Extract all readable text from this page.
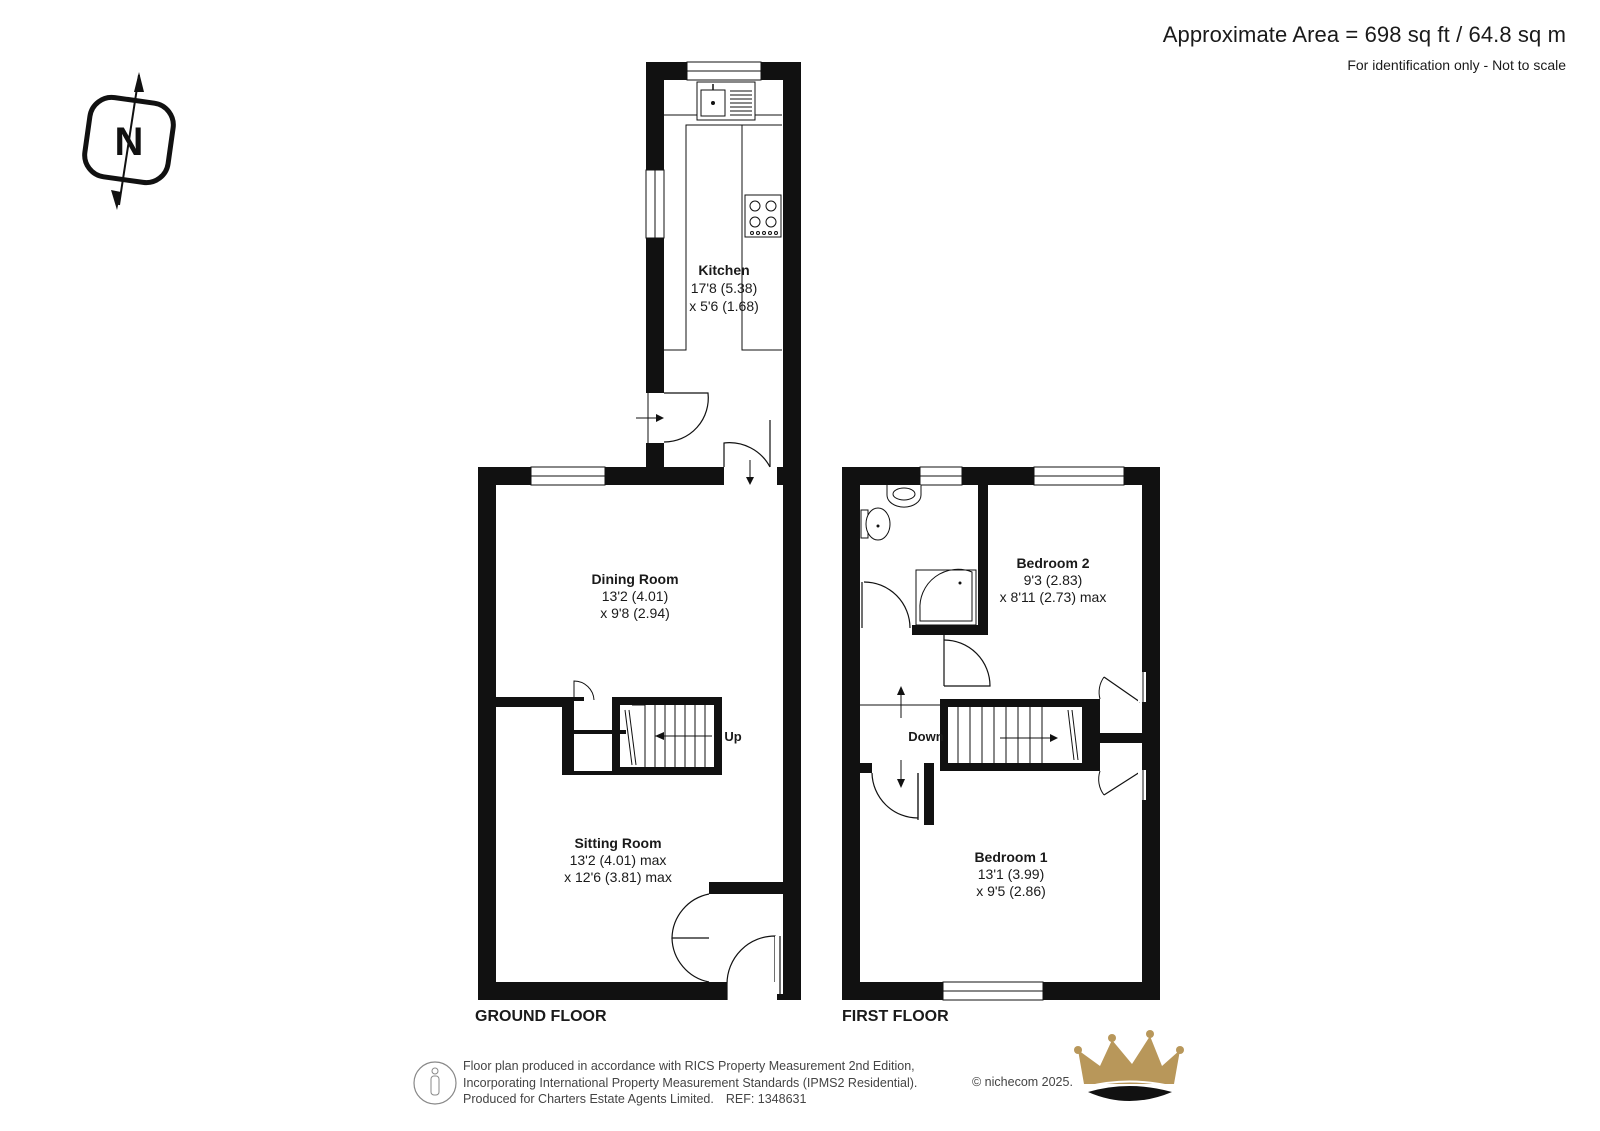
Approximate Area = 698 sq ft / 64.8 sq m
For identification only - Not to scale
N
Kitchen
17'8 (5.38)
x 5'6 (1.68)
Dining Room
13'2 (4.01)
x 9'8 (2.94)
Sitting Room
13'2 (4.01) max
x 12'6 (3.81) max
Bedroom 2
9'3 (2.83)
x 8'11 (2.73) max
Bedroom 1
13'1 (3.99)
x 9'5 (2.86)
Up	Down
GROUND FLOOR	FIRST FLOOR
Floor plan produced in accordance with RICS Property Measurement 2nd Edition,
Incorporating International Property Measurement Standards (IPMS2 Residential).
Produced for Charters Estate Agents Limited. REF: 1348631
© nichecom 2025.
